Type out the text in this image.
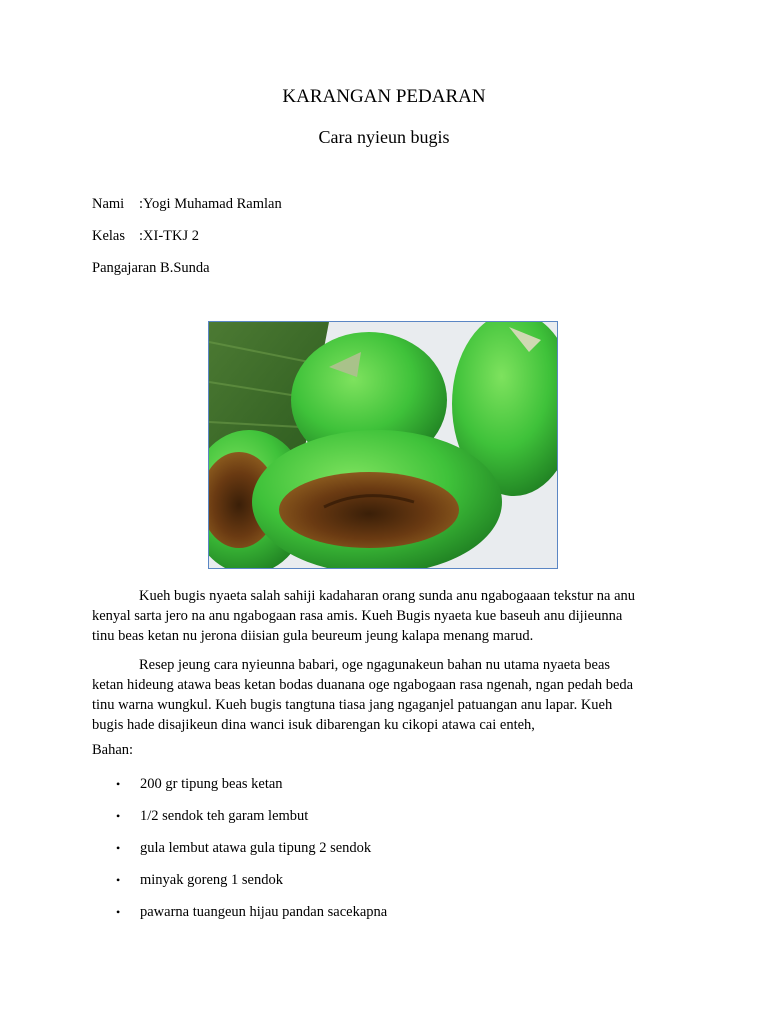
KARANGAN PEDARAN
Cara nyieun bugis
Nami :Yogi Muhamad Ramlan
Kelas :XI-TKJ 2
Pangajaran B.Sunda
Kueh bugis nyaeta salah sahiji kadaharan orang sunda anu ngabogaaan tekstur na anu
kenyal sarta jero na anu ngabogaan rasa amis. Kueh Bugis nyaeta kue baseuh anu dijieunna
tinu beas ketan nu jerona diisian gula beureum jeung kalapa menang marud.
Resep jeung cara nyieunna babari, oge ngagunakeun bahan nu utama nyaeta beas
ketan hideung atawa beas ketan bodas duanana oge ngabogaan rasa ngenah, ngan pedah beda
tinu warna wungkul. Kueh bugis tangtuna tiasa jang ngaganjel patuangan anu lapar. Kueh
bugis hade disajikeun dina wanci isuk dibarengan ku cikopi atawa cai enteh,
Bahan:
• 200 gr tipung beas ketan
• 1/2 sendok teh garam lembut
• gula lembut atawa gula tipung 2 sendok
• minyak goreng 1 sendok
• pawarna tuangeun hijau pandan sacekapna
